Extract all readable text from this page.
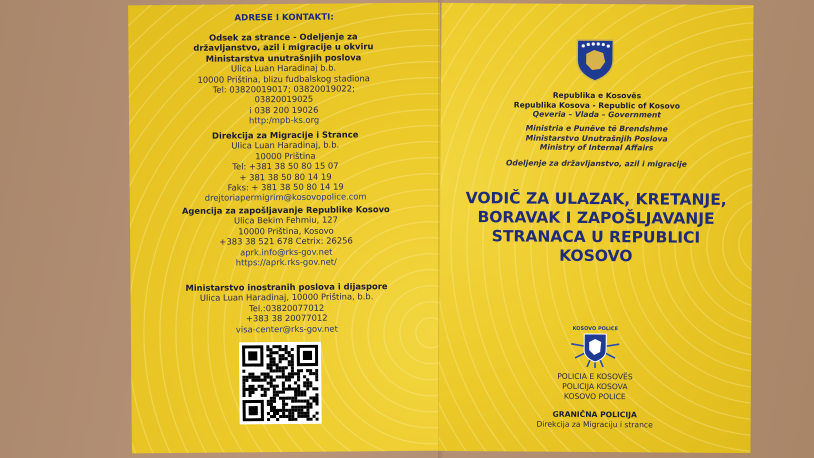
ADRESE I KONTAKTI:
Odsek za strance - Odeljenje za državljanstvo, azil i migracije u okviru Ministarstva unutrašnjih poslova
Ulica Luan Haradinaj b.b.
10000 Priština, blizu fudbalskog stadiona
Tel: 03820019017; 03820019022; 03820019025
i 038 200 19026
http:/mpb-ks.org
Direkcija za Migracije i Strance
Ulica Luan Haradinaj, b.b.
10000 Priština
Tel: +381 38 50 80 15 07
+ 381 38 50 80 14 19
Faks: + 381 38 50 80 14 19
drejtoriapermigrim@kosovopolice.com
Agencija za zapošljavanje Republike Kosovo
Ulica Bekim Fehmiu, 127
10000 Priština, Kosovo
+383 38 521 678 Cetrix: 26256
aprk.info@rks-gov.net
https://aprk.rks-gov.net/
Ministarstvo inostranih poslova i dijaspore
Ulica Luan Haradinaj, 10000 Priština, b.b.
Tel.:03820077012
+383 38 20077012
visa-center@rks-gov.net
Republika e Kosovës
Republika Kosova - Republic of Kosovo
Qeveria – Vlada – Government
Ministria e Punëve të Brendshme
Ministarstvo Unutrašnjih Poslova
Ministry of Internal Affairs
Odeljenje za državljanstvo, azil i migracije
VODIČ ZA ULAZAK, KRETANJE,
BORAVAK I ZAPOŠLJAVANJE
STRANACA U REPUBLICI
KOSOVO
KOSOVO POLICE
POLICIA E KOSOVËS
POLICIJA KOSOVA
KOSOVO POLICE
GRANIČNA POLICIJA
Direkcija za Migraciju i strance
